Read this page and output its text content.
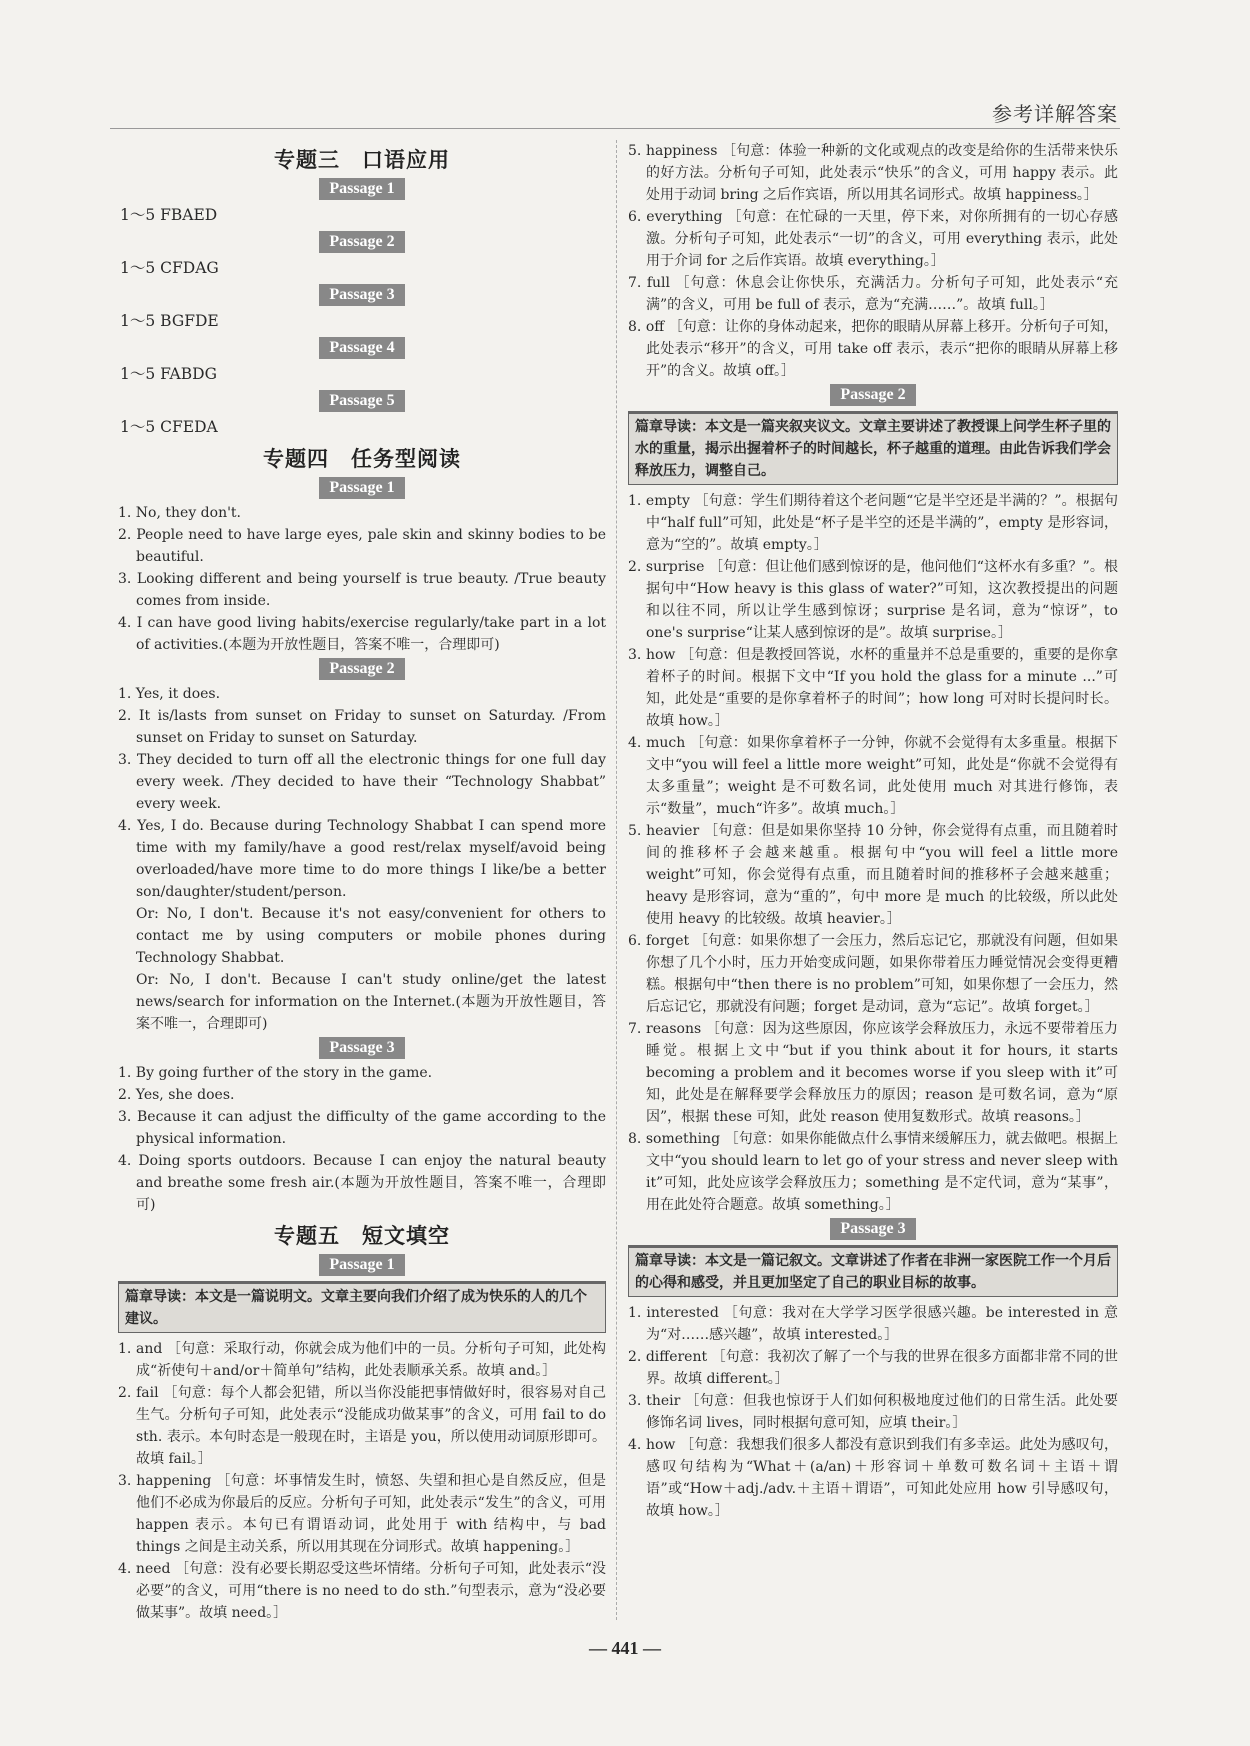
参考详解答案
专题三　口语应用
Passage 1
1～5 FBAED
Passage 2
1～5 CFDAG
Passage 3
1～5 BGFDE
Passage 4
1～5 FABDG
Passage 5
1～5 CFEDA
专题四　任务型阅读
Passage 1

1. No, they don't.

2. People need to have large eyes, pale skin and skinny bodies to be beautiful.

3. Looking different and being yourself is true beauty. /True beauty comes from inside.

4. I can have good living habits/exercise regularly/take part in a lot of activities.(本题为开放性题目，答案不唯一，合理即可)

Passage 2

1. Yes, it does.

2. It is/lasts from sunset on Friday to sunset on Saturday. /From sunset on Friday to sunset on Saturday.

3. They decided to turn off all the electronic things for one full day every week. /They decided to have their “Technology Shabbat” every week.

4. Yes, I do. Because during Technology Shabbat I can spend more time with my family/have a good rest/relax myself/avoid being overloaded/have more time to do more things I like/be a better son/daughter/student/person.

Or: No, I don't. Because it's not easy/convenient for others to contact me by using computers or mobile phones during Technology Shabbat.

Or: No, I don't. Because I can't study online/get the latest news/search for information on the Internet.(本题为开放性题目，答案不唯一，合理即可)

Passage 3

1. By going further of the story in the game.

2. Yes, she does.

3. Because it can adjust the difficulty of the game according to the physical information.

4. Doing sports outdoors. Because I can enjoy the natural beauty and breathe some fresh air.(本题为开放性题目，答案不唯一，合理即可)

专题五　短文填空
Passage 1
篇章导读：本文是一篇说明文。文章主要向我们介绍了成为快乐的人的几个建议。

1. and ［句意：采取行动，你就会成为他们中的一员。分析句子可知，此处构成“祈使句＋and/or＋简单句”结构，此处表顺承关系。故填 and。］

2. fail ［句意：每个人都会犯错，所以当你没能把事情做好时，很容易对自己生气。分析句子可知，此处表示“没能成功做某事”的含义，可用 fail to do sth. 表示。本句时态是一般现在时，主语是 you，所以使用动词原形即可。故填 fail。］

3. happening ［句意：坏事情发生时，愤怒、失望和担心是自然反应，但是他们不必成为你最后的反应。分析句子可知，此处表示“发生”的含义，可用 happen 表示。本句已有谓语动词，此处用于 with 结构中，与 bad things 之间是主动关系，所以用其现在分词形式。故填 happening。］

4. need ［句意：没有必要长期忍受这些坏情绪。分析句子可知，此处表示“没必要”的含义，可用“there is no need to do sth.”句型表示，意为“没必要做某事”。故填 need。］

5. happiness ［句意：体验一种新的文化或观点的改变是给你的生活带来快乐的好方法。分析句子可知，此处表示“快乐”的含义，可用 happy 表示。此处用于动词 bring 之后作宾语，所以用其名词形式。故填 happiness。］

6. everything ［句意：在忙碌的一天里，停下来，对你所拥有的一切心存感激。分析句子可知，此处表示“一切”的含义，可用 everything 表示，此处用于介词 for 之后作宾语。故填 everything。］

7. full ［句意：休息会让你快乐，充满活力。分析句子可知，此处表示“充满”的含义，可用 be full of 表示，意为“充满……”。故填 full。］

8. off ［句意：让你的身体动起来，把你的眼睛从屏幕上移开。分析句子可知，此处表示“移开”的含义，可用 take off 表示，表示“把你的眼睛从屏幕上移开”的含义。故填 off。］

Passage 2
篇章导读：本文是一篇夹叙夹议文。文章主要讲述了教授课上问学生杯子里的水的重量，揭示出握着杯子的时间越长，杯子越重的道理。由此告诉我们学会释放压力，调整自己。

1. empty ［句意：学生们期待着这个老问题“它是半空还是半满的？”。根据句中“half full”可知，此处是“杯子是半空的还是半满的”，empty 是形容词，意为“空的”。故填 empty。］

2. surprise ［句意：但让他们感到惊讶的是，他问他们“这杯水有多重？”。根据句中“How heavy is this glass of water?”可知，这次教授提出的问题和以往不同，所以让学生感到惊讶；surprise 是名词，意为“惊讶”，to one's surprise“让某人感到惊讶的是”。故填 surprise。］

3. how ［句意：但是教授回答说，水杯的重量并不总是重要的，重要的是你拿着杯子的时间。根据下文中“If you hold the glass for a minute ...”可知，此处是“重要的是你拿着杯子的时间”；how long 可对时长提问时长。故填 how。］

4. much ［句意：如果你拿着杯子一分钟，你就不会觉得有太多重量。根据下文中“you will feel a little more weight”可知，此处是“你就不会觉得有太多重量”；weight 是不可数名词，此处使用 much 对其进行修饰，表示“数量”，much“许多”。故填 much。］

5. heavier ［句意：但是如果你坚持 10 分钟，你会觉得有点重，而且随着时间的推移杯子会越来越重。根据句中“you will feel a little more weight”可知，你会觉得有点重，而且随着时间的推移杯子会越来越重；heavy 是形容词，意为“重的”，句中 more 是 much 的比较级，所以此处使用 heavy 的比较级。故填 heavier。］

6. forget ［句意：如果你想了一会压力，然后忘记它，那就没有问题，但如果你想了几个小时，压力开始变成问题，如果你带着压力睡觉情况会变得更糟糕。根据句中“then there is no problem”可知，如果你想了一会压力，然后忘记它，那就没有问题；forget 是动词，意为“忘记”。故填 forget。］

7. reasons ［句意：因为这些原因，你应该学会释放压力，永远不要带着压力睡觉。根据上文中“but if you think about it for hours, it starts becoming a problem and it becomes worse if you sleep with it”可知，此处是在解释要学会释放压力的原因；reason 是可数名词，意为“原因”，根据 these 可知，此处 reason 使用复数形式。故填 reasons。］

8. something ［句意：如果你能做点什么事情来缓解压力，就去做吧。根据上文中“you should learn to let go of your stress and never sleep with it”可知，此处应该学会释放压力；something 是不定代词，意为“某事”，用在此处符合题意。故填 something。］

Passage 3
篇章导读：本文是一篇记叙文。文章讲述了作者在非洲一家医院工作一个月后的心得和感受，并且更加坚定了自己的职业目标的故事。

1. interested ［句意：我对在大学学习医学很感兴趣。be interested in 意为“对……感兴趣”，故填 interested。］

2. different ［句意：我初次了解了一个与我的世界在很多方面都非常不同的世界。故填 different。］

3. their ［句意：但我也惊讶于人们如何积极地度过他们的日常生活。此处要修饰名词 lives，同时根据句意可知，应填 their。］

4. how ［句意：我想我们很多人都没有意识到我们有多幸运。此处为感叹句，感叹句结构为“What＋(a/an)＋形容词＋单数可数名词＋主语＋谓语”或“How＋adj./adv.＋主语＋谓语”，可知此处应用 how 引导感叹句，故填 how。］

— 441 —
